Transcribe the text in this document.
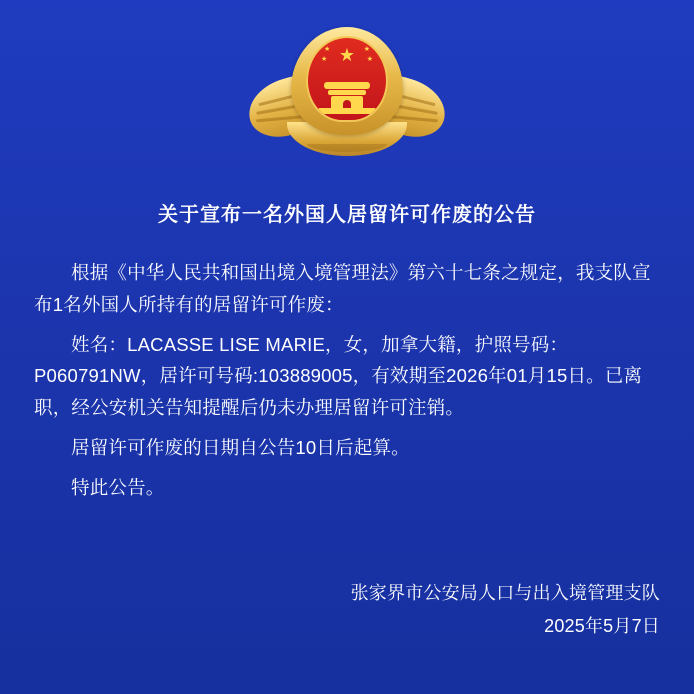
★
★
★	★
★
关于宣布一名外国人居留许可作废的公告

根据《中华人民共和国出境入境管理法》第六十七条之规定，我支队宣布1名外国人所持有的居留许可作废：

姓名：LACASSE LISE MARIE，女，加拿大籍，护照号码：P060791NW，居许可号码:103889005，有效期至2026年01月15日。已离职，经公安机关告知提醒后仍未办理居留许可注销。

居留许可作废的日期自公告10日后起算。

特此公告。

张家界市公安局人口与出入境管理支队
2025年5月7日
